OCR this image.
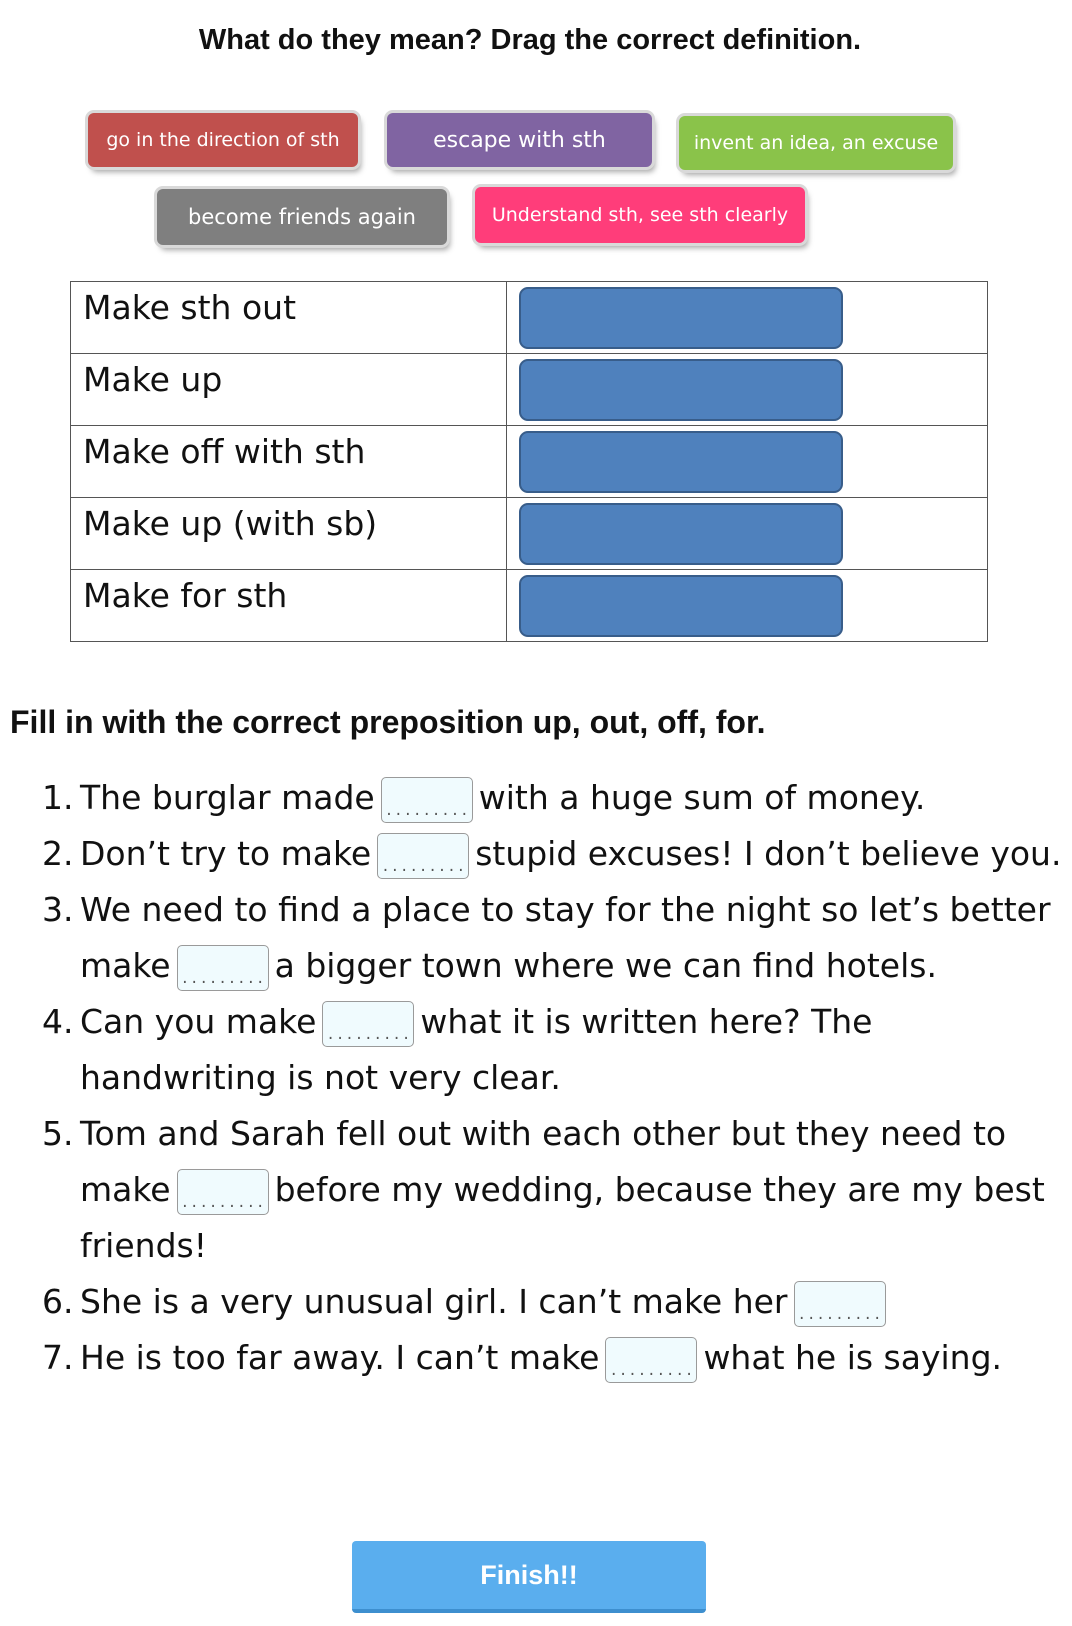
What do they mean? Drag the correct definition.
go in the direction of sth	escape with sth	invent an idea, an excuse
become friends again	Understand sth, see sth clearly
Make sth out	

Make up	

Make off with sth	

Make up (with sb)	

Make for sth	
Fill in with the correct preposition up, out, off, for.
1. The burglar made ......... with a huge sum of money.
2. Don’t try to make ......... stupid excuses! I don’t believe you.
3. We need to find a place to stay for the night so let’s better make ......... a bigger town where we can find hotels.
4. Can you make ......... what it is written here? The handwriting is not very clear.
5. Tom and Sarah fell out with each other but they need to make ......... before my wedding, because they are my best friends!
6. She is a very unusual girl. I can’t make her .........
7. He is too far away. I can’t make ......... what he is saying.
Finish!!
